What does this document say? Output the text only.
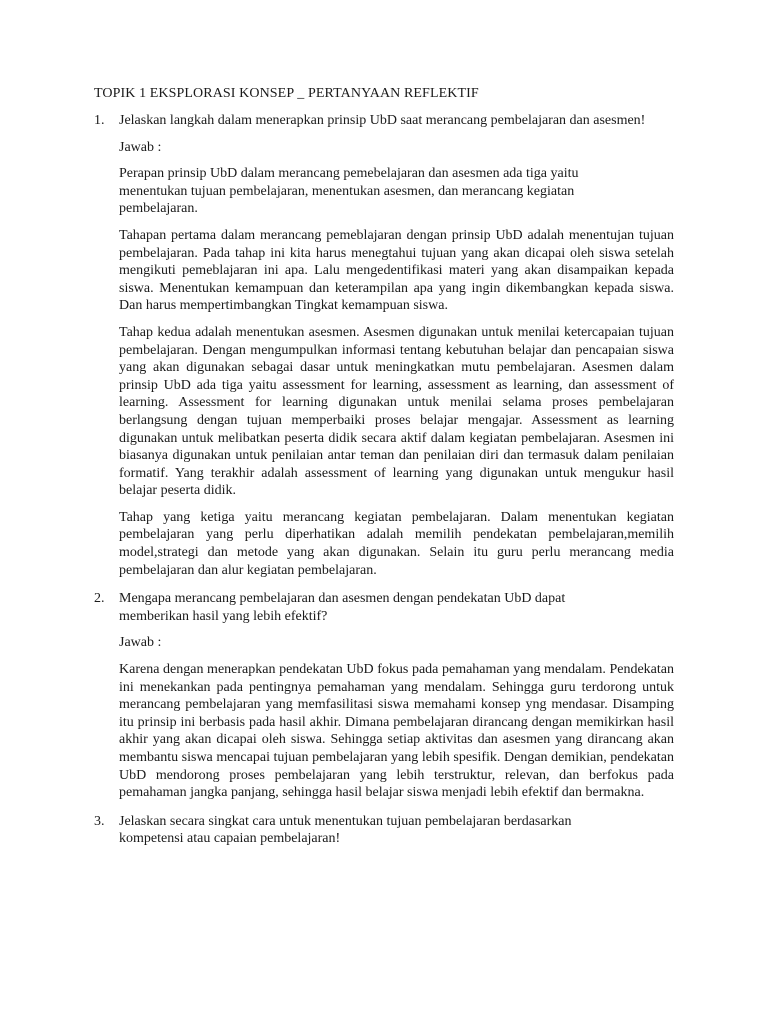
TOPIK 1 EKSPLORASI KONSEP _ PERTANYAAN REFLEKTIF
1. Jelaskan langkah dalam menerapkan prinsip UbD saat merancang pembelajaran dan asesmen!

Jawab :

Perapan prinsip UbD dalam merancang pemebelajaran dan asesmen ada tiga yaitu menentukan tujuan pembelajaran, menentukan asesmen, dan merancang kegiatan pembelajaran.

Tahapan pertama dalam merancang pemeblajaran dengan prinsip UbD adalah menentujan tujuan pembelajaran. Pada tahap ini kita harus menegtahui tujuan yang akan dicapai oleh siswa setelah mengikuti pemeblajaran ini apa. Lalu mengedentifikasi materi yang akan disampaikan kepada siswa. Menentukan kemampuan dan keterampilan apa yang ingin dikembangkan kepada siswa. Dan harus mempertimbangkan Tingkat kemampuan siswa.

Tahap kedua adalah menentukan asesmen. Asesmen digunakan untuk menilai ketercapaian tujuan pembelajaran. Dengan mengumpulkan informasi tentang kebutuhan belajar dan pencapaian siswa yang akan digunakan sebagai dasar untuk meningkatkan mutu pembelajaran. Asesmen dalam prinsip UbD ada tiga yaitu assessment for learning, assessment as learning, dan assessment of learning. Assessment for learning digunakan untuk menilai selama proses pembelajaran berlangsung dengan tujuan memperbaiki proses belajar mengajar. Assessment as learning digunakan untuk melibatkan peserta didik secara aktif dalam kegiatan pembelajaran. Asesmen ini biasanya digunakan untuk penilaian antar teman dan penilaian diri dan termasuk dalam penilaian formatif. Yang terakhir adalah assessment of learning yang digunakan untuk mengukur hasil belajar peserta didik.

Tahap yang ketiga yaitu merancang kegiatan pembelajaran. Dalam menentukan kegiatan pembelajaran yang perlu diperhatikan adalah memilih pendekatan pembelajaran,memilih model,strategi dan metode yang akan digunakan. Selain itu guru perlu merancang media pembelajaran dan alur kegiatan pembelajaran.

2. Mengapa merancang pembelajaran dan asesmen dengan pendekatan UbD dapat memberikan hasil yang lebih efektif?

Jawab :

Karena dengan menerapkan pendekatan UbD fokus pada pemahaman yang mendalam. Pendekatan ini menekankan pada pentingnya pemahaman yang mendalam. Sehingga guru terdorong untuk merancang pembelajaran yang memfasilitasi siswa memahami konsep yng mendasar. Disamping itu prinsip ini berbasis pada hasil akhir. Dimana pembelajaran dirancang dengan memikirkan hasil akhir yang akan dicapai oleh siswa. Sehingga setiap aktivitas dan asesmen yang dirancang akan membantu siswa mencapai tujuan pembelajaran yang lebih spesifik. Dengan demikian, pendekatan UbD mendorong proses pembelajaran yang lebih terstruktur, relevan, dan berfokus pada pemahaman jangka panjang, sehingga hasil belajar siswa menjadi lebih efektif dan bermakna.

3. Jelaskan secara singkat cara untuk menentukan tujuan pembelajaran berdasarkan kompetensi atau capaian pembelajaran!
